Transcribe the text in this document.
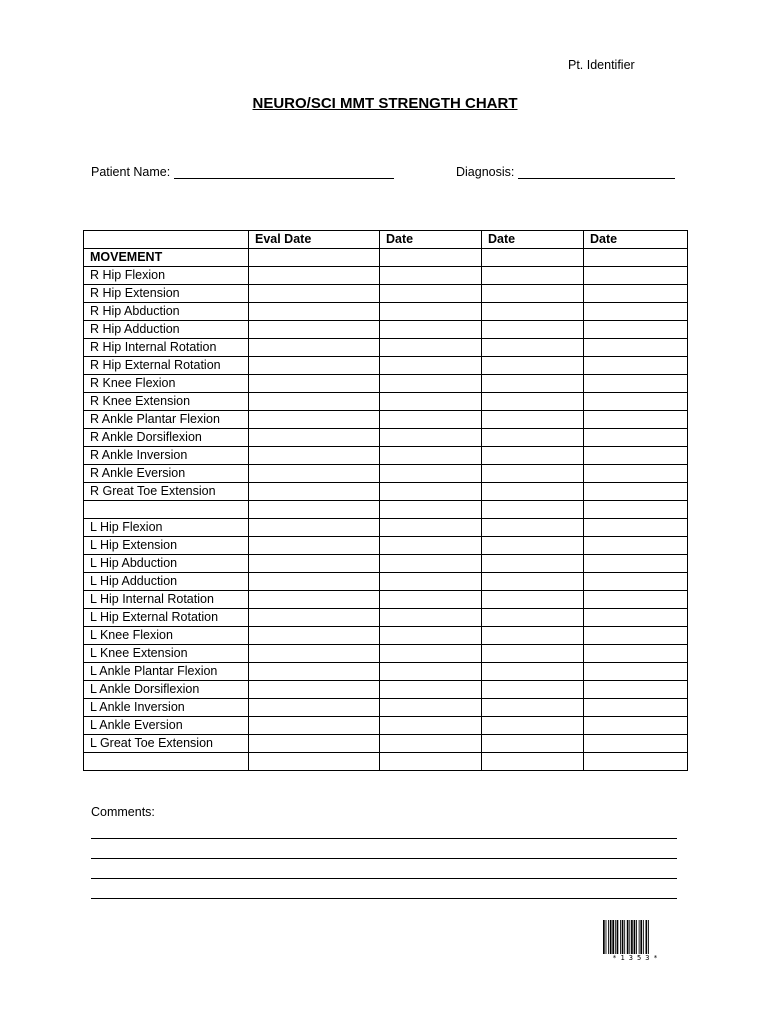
Pt. Identifier
NEURO/SCI MMT STRENGTH CHART
Patient Name:	Diagnosis:
	Eval Date	Date	Date	Date
MOVEMENT				
R Hip Flexion				
R Hip Extension				
R Hip Abduction				
R Hip Adduction				
R Hip Internal Rotation				
R Hip External Rotation				
R Knee Flexion				
R Knee Extension				
R Ankle Plantar Flexion				
R Ankle Dorsiflexion				
R Ankle Inversion				
R Ankle Eversion				
R Great Toe Extension				

L Hip Flexion				
L Hip Extension				
L Hip Abduction				
L Hip Adduction				
L Hip Internal Rotation				
L Hip External Rotation				
L Knee Flexion				
L Knee Extension				
L Ankle Plantar Flexion				
L Ankle Dorsiflexion				
L Ankle Inversion				
L Ankle Eversion				
L Great Toe Extension				

Comments:
*1353*
